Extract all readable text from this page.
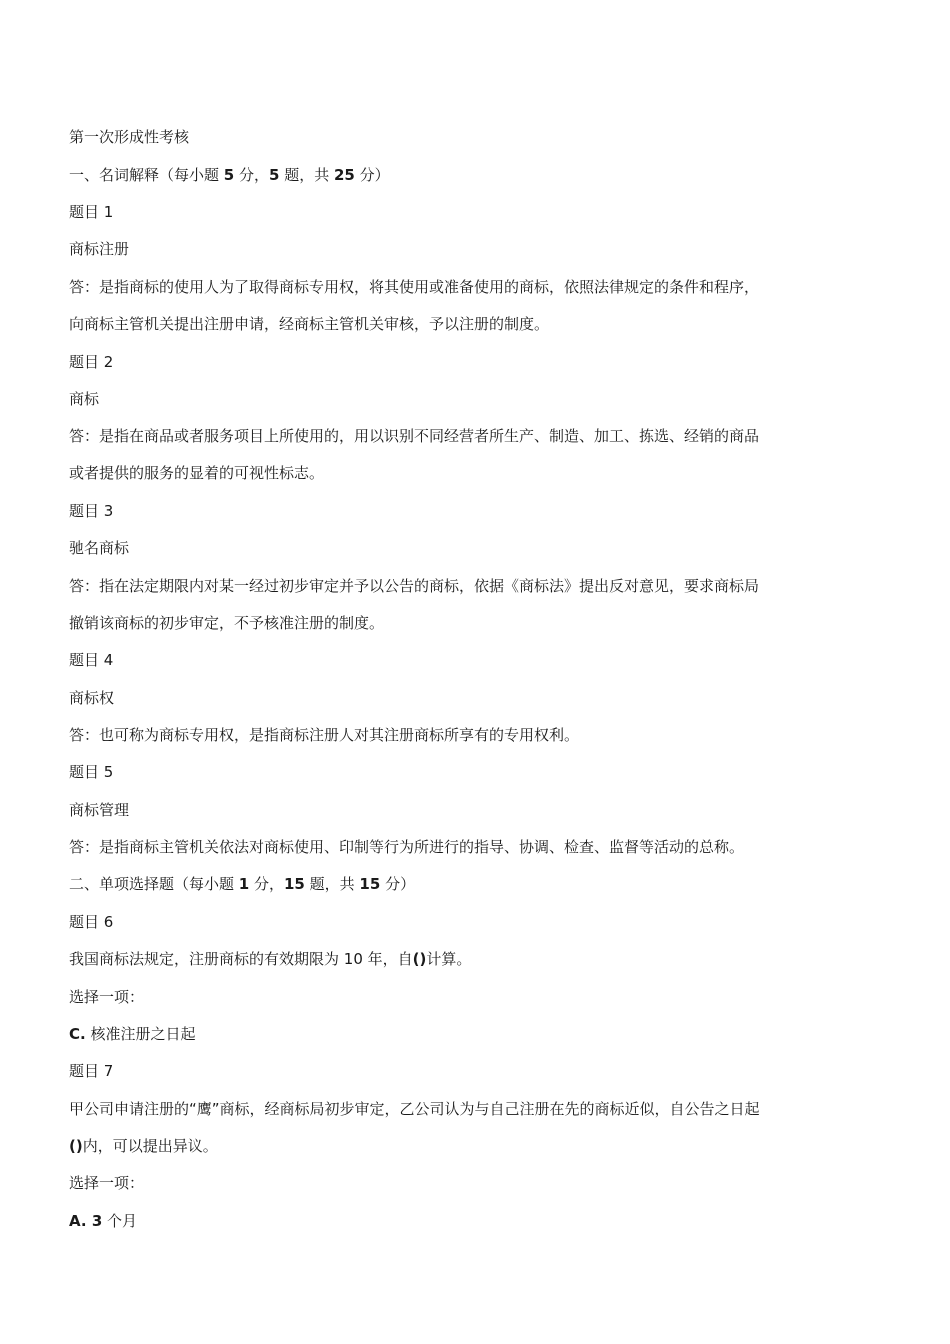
第一次形成性考核
一、名词解释（每小题 5 分，5 题，共 25 分）
题目 1
商标注册
答：是指商标的使用人为了取得商标专用权，将其使用或准备使用的商标，依照法律规定的条件和程序，
向商标主管机关提出注册申请，经商标主管机关审核，予以注册的制度。
题目 2
商标
答：是指在商品或者服务项目上所使用的，用以识别不同经营者所生产、制造、加工、拣选、经销的商品
或者提供的服务的显着的可视性标志。
题目 3
驰名商标
答：指在法定期限内对某一经过初步审定并予以公告的商标，依据《商标法》提出反对意见，要求商标局
撤销该商标的初步审定，不予核准注册的制度。
题目 4
商标权
答：也可称为商标专用权，是指商标注册人对其注册商标所享有的专用权利。
题目 5
商标管理
答：是指商标主管机关依法对商标使用、印制等行为所进行的指导、协调、检查、监督等活动的总称。
二、单项选择题（每小题 1 分，15 题，共 15 分）
题目 6
我国商标法规定，注册商标的有效期限为 10 年，自()计算。
选择一项：
C. 核准注册之日起
题目 7
甲公司申请注册的“鹰”商标，经商标局初步审定，乙公司认为与自己注册在先的商标近似，自公告之日起
()内，可以提出异议。
选择一项：
A. 3 个月
